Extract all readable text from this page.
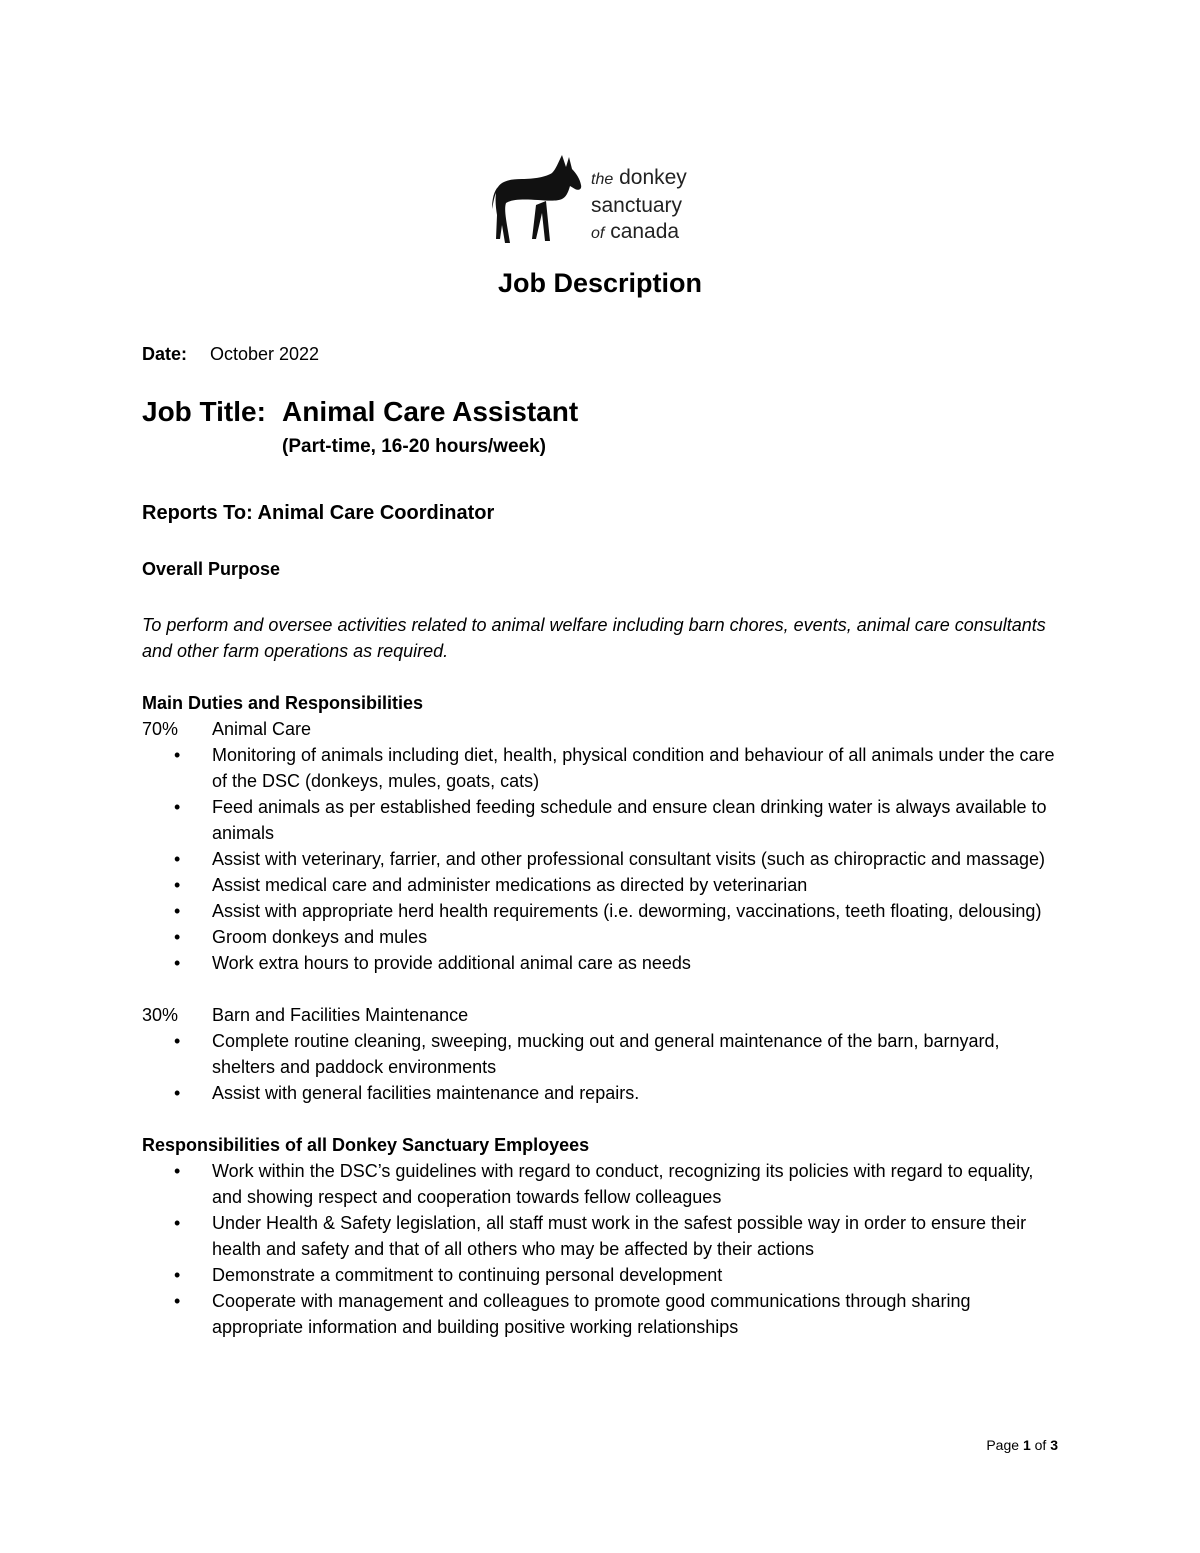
the donkey
sanctuary
of canada
Job Description
Date: October 2022
Job Title: Animal Care Assistant
(Part-time, 16-20 hours/week)
Reports To: Animal Care Coordinator
Overall Purpose
To perform and oversee activities related to animal welfare including barn chores, events, animal care consultants and other farm operations as required.
Main Duties and Responsibilities
70%	Animal Care
• Monitoring of animals including diet, health, physical condition and behaviour of all animals under the care of the DSC (donkeys, mules, goats, cats)
• Feed animals as per established feeding schedule and ensure clean drinking water is always available to animals
• Assist with veterinary, farrier, and other professional consultant visits (such as chiropractic and massage)
• Assist medical care and administer medications as directed by veterinarian
• Assist with appropriate herd health requirements (i.e. deworming, vaccinations, teeth floating, delousing)
• Groom donkeys and mules
• Work extra hours to provide additional animal care as needs
30%	Barn and Facilities Maintenance
• Complete routine cleaning, sweeping, mucking out and general maintenance of the barn, barnyard, shelters and paddock environments
• Assist with general facilities maintenance and repairs.
Responsibilities of all Donkey Sanctuary Employees
• Work within the DSC’s guidelines with regard to conduct, recognizing its policies with regard to equality, and showing respect and cooperation towards fellow colleagues
• Under Health & Safety legislation, all staff must work in the safest possible way in order to ensure their health and safety and that of all others who may be affected by their actions
• Demonstrate a commitment to continuing personal development
• Cooperate with management and colleagues to promote good communications through sharing appropriate information and building positive working relationships
Page 1 of 3
